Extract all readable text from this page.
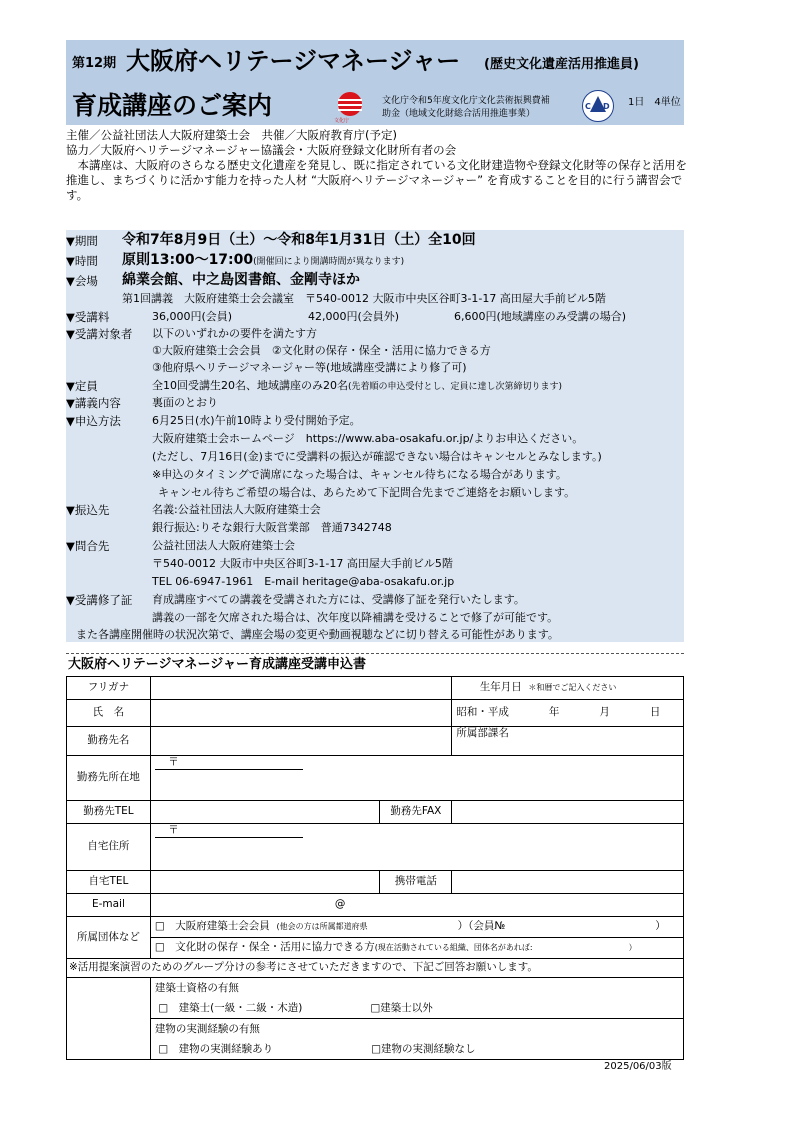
第12期 大阪府ヘリテージマネージャー (歴史文化遺産活用推進員)
育成講座のご案内
文化庁
文化庁令和5年度文化庁文化芸術振興費補
助金（地域文化財総合活用推進事業）
C D 1日　4単位

主催／公益社団法人大阪府建築士会　共催／大阪府教育庁(予定)

協力／大阪府ヘリテージマネージャー協議会・大阪府登録文化財所有者の会

　本講座は、大阪府のさらなる歴史文化遺産を発見し、既に指定されている文化財建造物や登録文化財等の保存と活用を推進し、まちづくりに活かす能力を持った人材 “大阪府ヘリテージマネージャー” を育成することを目的に行う講習会です。

▼期間 令和7年8月9日（土）～令和8年1月31日（土）全10回
▼時間 原則13:00～17:00(開催回により開講時間が異なります)
▼会場 綿業会館、中之島図書館、金剛寺ほか
第1回講義　大阪府建築士会会議室　〒540-0012 大阪市中央区谷町3-1-17 高田屋大手前ビル5階
▼受講料	36,000円(会員)	42,000円(会員外)	6,600円(地域講座のみ受講の場合)
▼受講対象者 以下のいずれかの要件を満たす方
①大阪府建築士会会員　②文化財の保存・保全・活用に協力できる方
③他府県ヘリテージマネージャー等(地域講座受講により修了可)
▼定員	全10回受講生20名、地域講座のみ20名(先着順の申込受付とし、定員に達し次第締切ります)
▼講義内容	裏面のとおり
▼申込方法	6月25日(水)午前10時より受付開始予定。
大阪府建築士会ホームページ　https://www.aba-osakafu.or.jp/よりお申込ください。
(ただし、7月16日(金)までに受講料の振込が確認できない場合はキャンセルとみなします。)
※申込のタイミングで満席になった場合は、キャンセル待ちになる場合があります。
キャンセル待ちご希望の場合は、あらためて下記問合先までご連絡をお願いします。
▼振込先	名義:公益社団法人大阪府建築士会
銀行振込:りそな銀行大阪営業部　普通7342748
▼問合先	公益社団法人大阪府建築士会
〒540-0012 大阪市中央区谷町3-1-17 高田屋大手前ビル5階
TEL 06-6947-1961　E-mail heritage@aba-osakafu.or.jp
▼受講修了証 育成講座すべての講義を受講された方には、受講修了証を発行いたします。
講義の一部を欠席された場合は、次年度以降補講を受けることで修了が可能です。
また各講座開催時の状況次第で、講座会場の変更や動画視聴などに切り替える可能性があります。
大阪府ヘリテージマネージャー育成講座受講申込書
フリガナ			生年月日 ＊和暦でご記入ください
氏　名			昭和・平成 年 月 日
勤務先名			所属部課名
勤務先所在地	〒		
勤務先TEL		勤務先FAX	
自宅住所	〒		
自宅TEL		携帯電話	
E-mail	@		
所属団体など	□　大阪府建築士会会員 (他会の方は所属都道府県 ）（会員№ ）		
	□　文化財の保存・保全・活用に協力できる方(現在活動されている組織、団体名があれば: ）		
※活用提案演習のためのグループ分けの参考にさせていただきますので、下記ご回答お願いします。			

	建築士資格の有無
□　建築士(一級・二級・木造) □建築士以外		

	建物の実測経験の有無
□　建物の実測経験あり □建物の実測経験なし		
2025/06/03版
